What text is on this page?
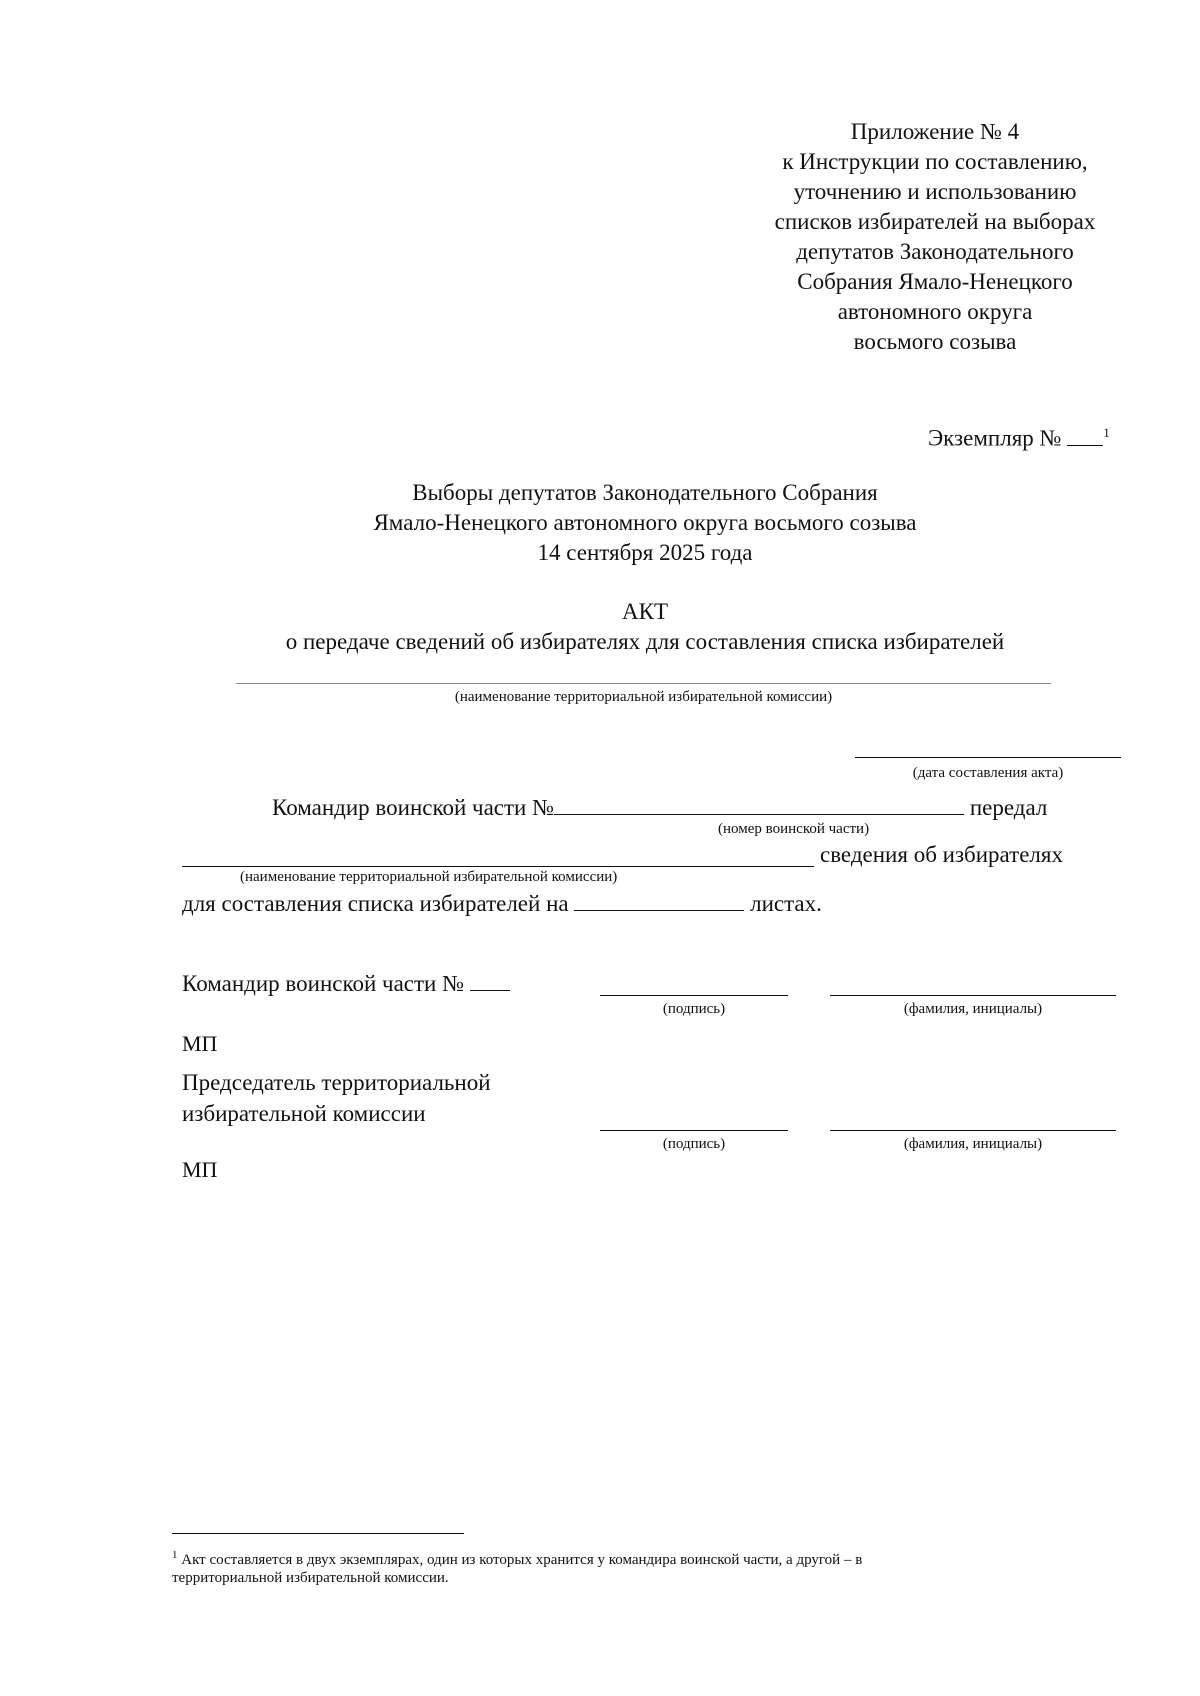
Приложение № 4
к Инструкции по составлению,
уточнению и использованию
списков избирателей на выборах
депутатов Законодательного
Собрания Ямало-Ненецкого
автономного округа
восьмого созыва
Экземпляр №	$^1$
Выборы депутатов Законодательного Собрания
Ямало-Ненецкого автономного округа восьмого созыва
14 сентября 2025 года
АКТ
о передаче сведений об избирателях для составления списка избирателей
(наименование территориальной избирательной комиссии)
(дата составления акта)
Командир воинской части №	передал
(номер воинской части)
сведения об избирателях
(наименование территориальной избирательной комиссии)
для составления списка избирателей на	листах.
Командир воинской части №
(подпись)	(фамилия, инициалы)
МП
Председатель территориальной
избирательной комиссии
(подпись)	(фамилия, инициалы)
МП
$^1$ Акт составляется в двух экземплярах, один из которых хранится у командира воинской части, а другой – в
территориальной избирательной комиссии.
